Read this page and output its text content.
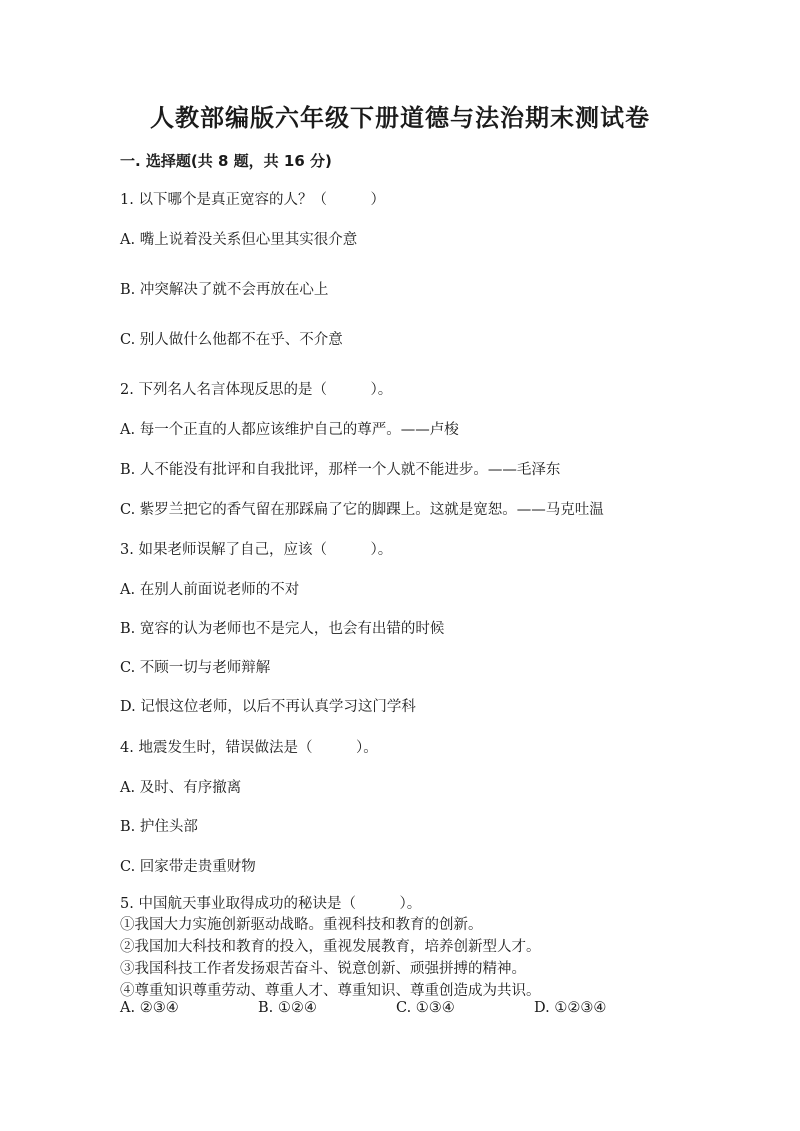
人教部编版六年级下册道德与法治期末测试卷
一. 选择题(共 8 题，共 16 分)
1. 以下哪个是真正宽容的人？（　　　）
A. 嘴上说着没关系但心里其实很介意
B. 冲突解决了就不会再放在心上
C. 别人做什么他都不在乎、不介意
2. 下列名人名言体现反思的是（　　　）。
A. 每一个正直的人都应该维护自己的尊严。——卢梭
B. 人不能没有批评和自我批评，那样一个人就不能进步。——毛泽东
C. 紫罗兰把它的香气留在那踩扁了它的脚踝上。这就是宽恕。——马克吐温
3. 如果老师误解了自己，应该（　　　）。
A. 在别人前面说老师的不对
B. 宽容的认为老师也不是完人，也会有出错的时候
C. 不顾一切与老师辩解
D. 记恨这位老师，以后不再认真学习这门学科
4. 地震发生时，错误做法是（　　　）。
A. 及时、有序撤离
B. 护住头部
C. 回家带走贵重财物
5. 中国航天事业取得成功的秘诀是（　　　）。
①我国大力实施创新驱动战略。重视科技和教育的创新。
②我国加大科技和教育的投入，重视发展教育，培养创新型人才。
③我国科技工作者发扬艰苦奋斗、锐意创新、顽强拼搏的精神。
④尊重知识尊重劳动、尊重人才、尊重知识、尊重创造成为共识。
A. ②③④	B. ①②④	C. ①③④	D. ①②③④
